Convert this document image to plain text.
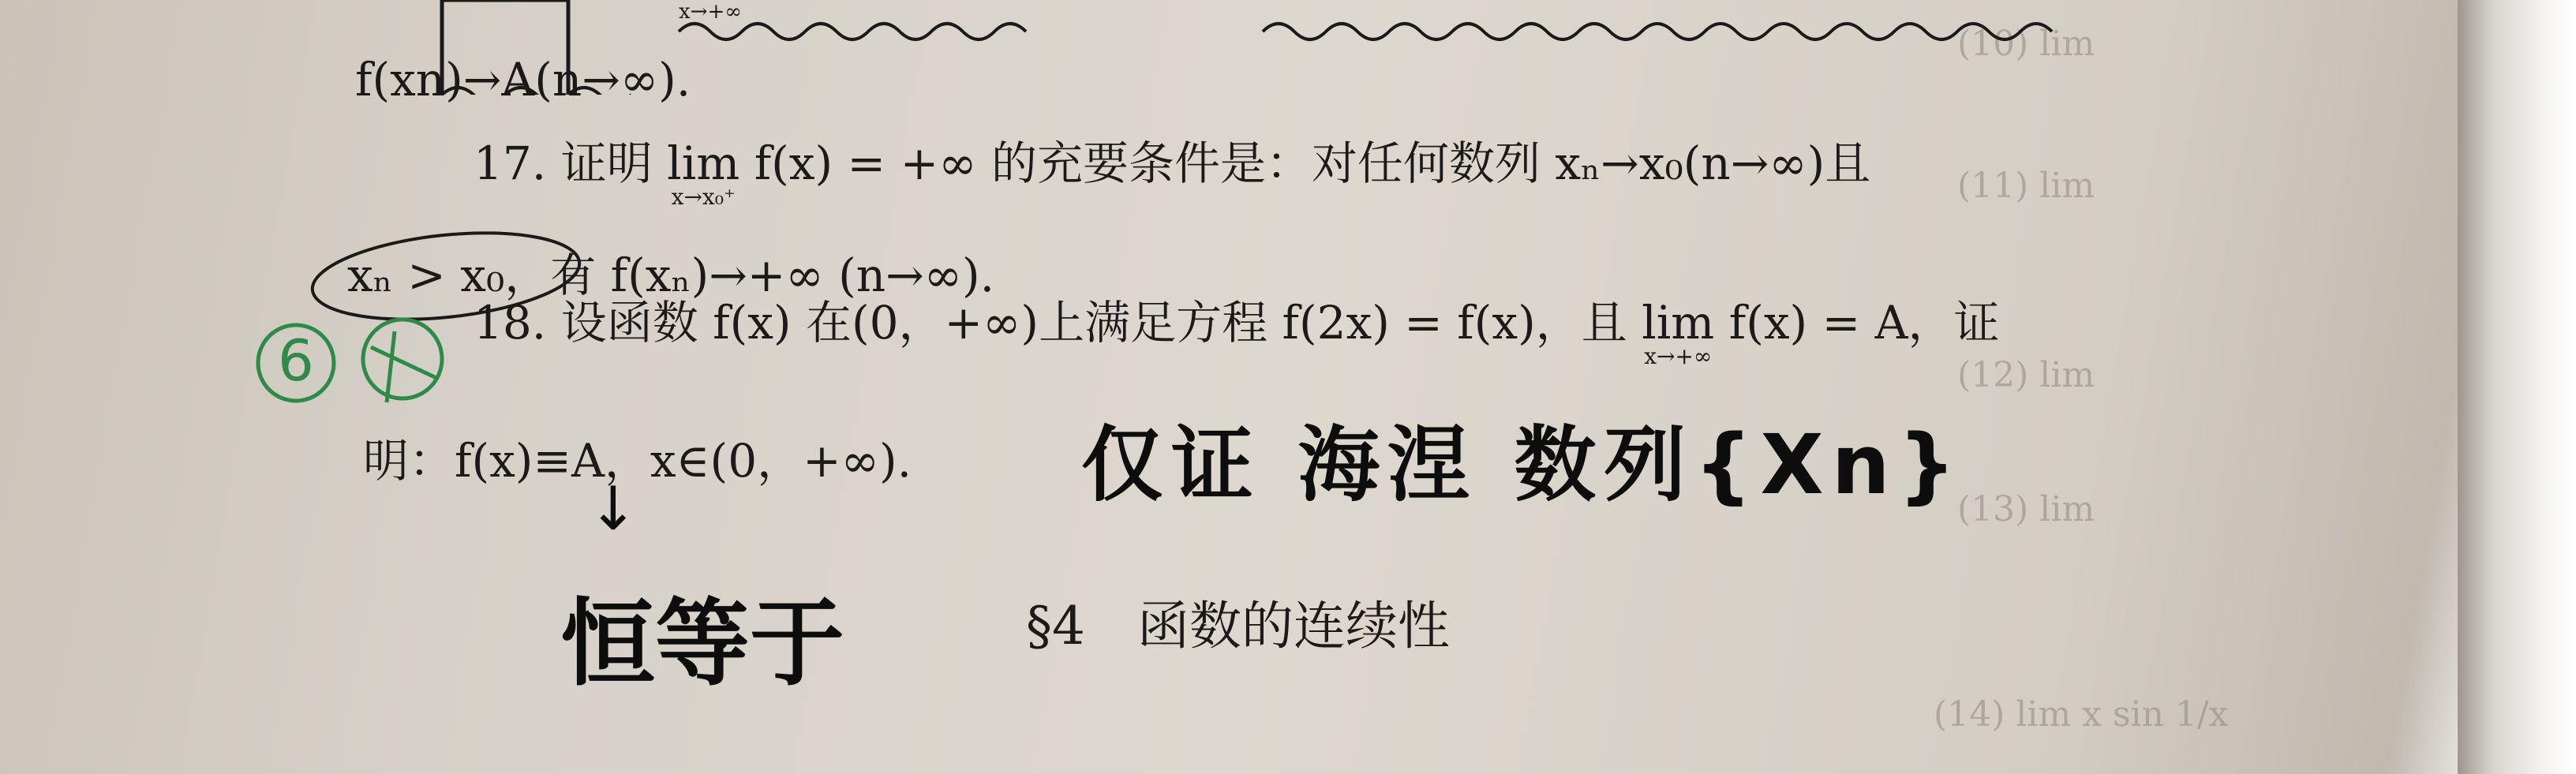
(10) lim
(11) lim
(12) lim
(13) lim
(14) lim x sin 1/x
x→+∞
f(xn)→A(n→∞).
17. 证明 lim
x→x₀⁺
f(x) = +∞ 的充要条件是：对任何数列 xₙ→x₀(n→∞)且
xₙ > x₀，有 f(xₙ)→+∞ (n→∞).
6
18. 设函数 f(x) 在(0，+∞)上满足方程 f(2x) = f(x)，且 lim
x→+∞
f(x) = A，证
明：f(x)≡A，x∈(0，+∞). 仅证 海涅 数列{Xn}
↓
恒等于	§4　函数的连续性
